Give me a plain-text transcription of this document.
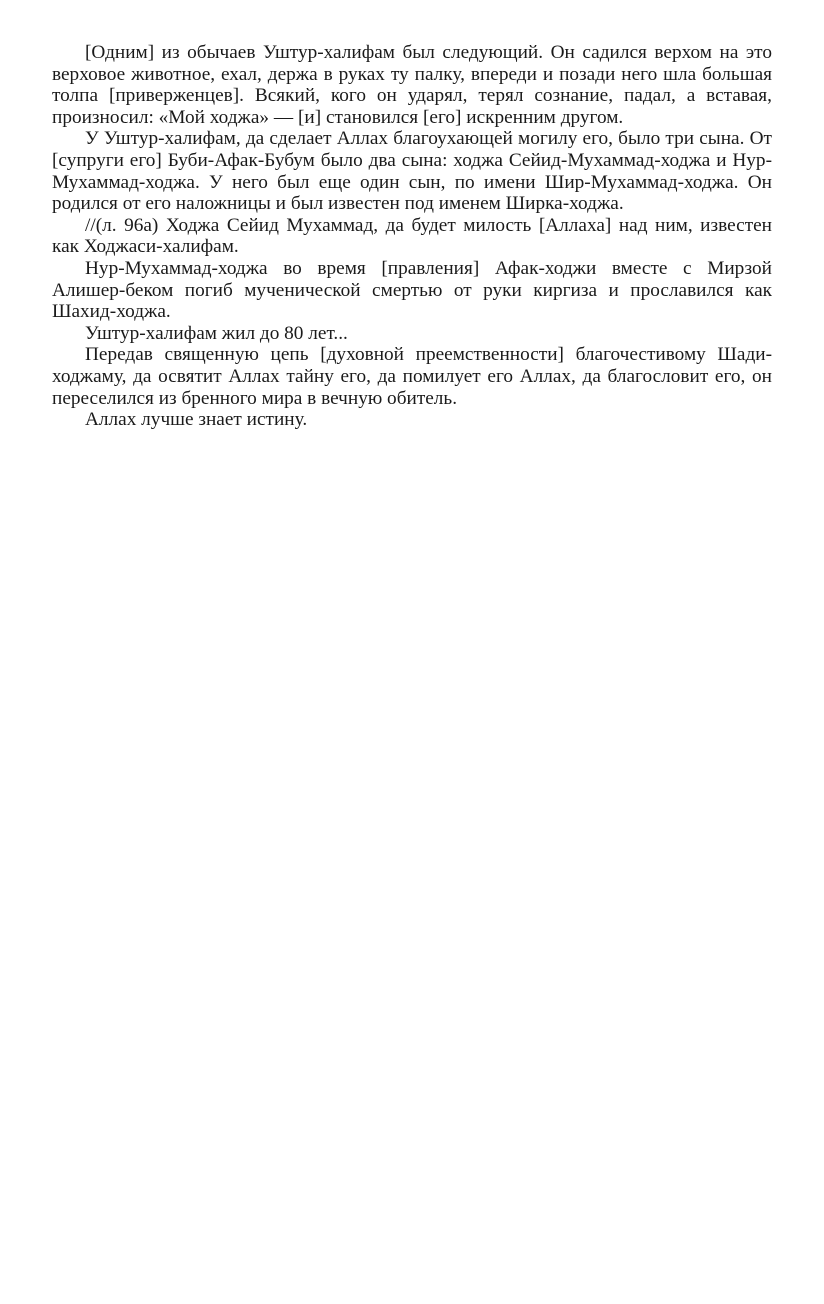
[Одним] из обычаев Уштур-халифам был следующий. Он садился верхом на это верховое животное, ехал, держа в руках ту палку, впереди и позади него шла большая толпа [приверженцев]. Всякий, кого он ударял, терял сознание, падал, а вставая, произносил: «Мой ходжа» — [и] становился [его] искренним другом.

У Уштур-халифам, да сделает Аллах благоухающей могилу его, было три сына. От [супруги его] Буби-Афак-Бубум было два сына: ходжа Сейид-Мухаммад-ходжа и Нур-Мухаммад-ходжа. У него был еще один сын, по имени Шир-Мухаммад-ходжа. Он родился от его наложницы и был известен под именем Ширка-ходжа.

//(л. 96а) Ходжа Сейид Мухаммад, да будет милость [Аллаха] над ним, известен как Ходжаси-халифам.

Нур-Мухаммад-ходжа во время [правления] Афак-ходжи вместе с Мирзой Алишер-беком погиб мученической смертью от руки киргиза и прославился как Шахид-ходжа.

Уштур-халифам жил до 80 лет...

Передав священную цепь [духовной преемственности] благочестивому Шади-ходжаму, да освятит Аллах тайну его, да помилует его Аллах, да благословит его, он переселился из бренного мира в вечную обитель.

Аллах лучше знает истину.
